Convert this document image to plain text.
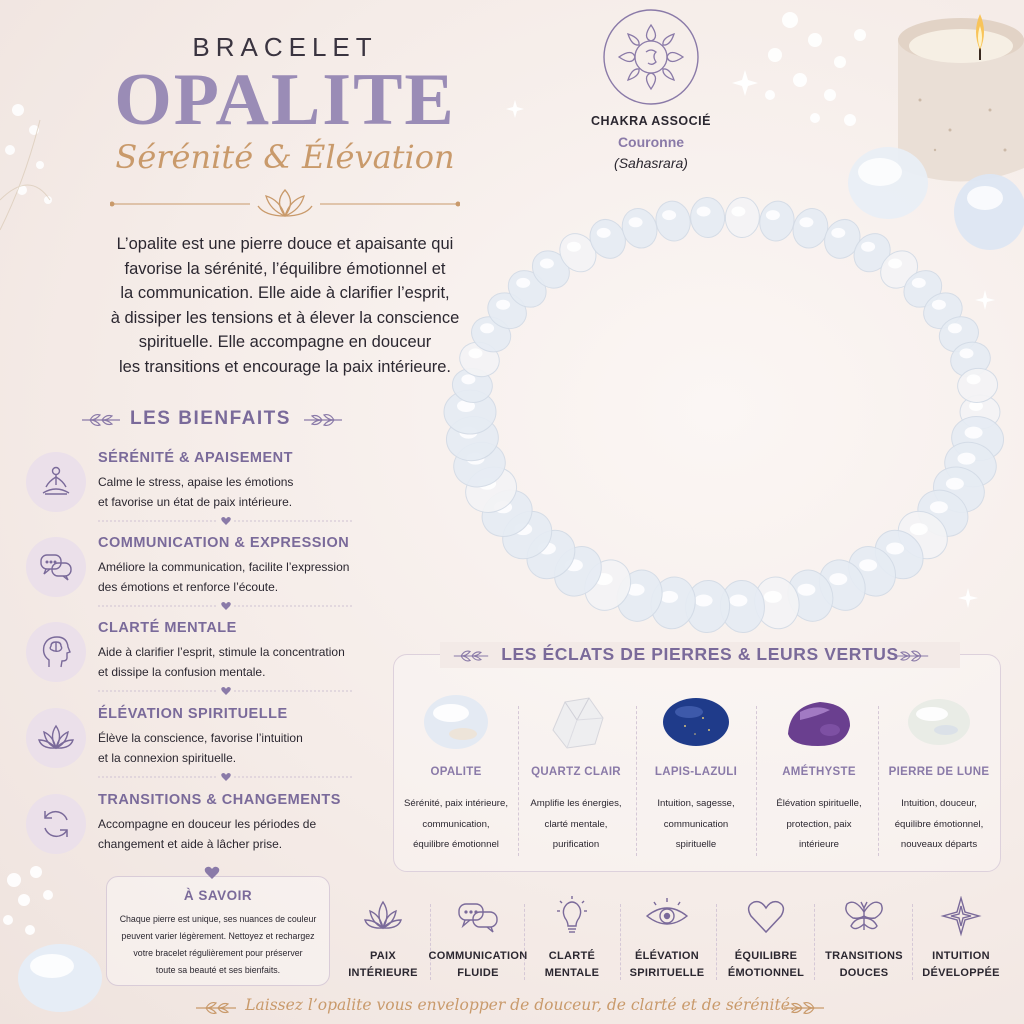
BRACELET
OPALITE
Sérénité & Élévation
L’opalite est une pierre douce et apaisante qui
favorise la sérénité, l’équilibre émotionnel et
la communication. Elle aide à clarifier l’esprit,
à dissiper les tensions et à élever la conscience
spirituelle. Elle accompagne en douceur
les transitions et encourage la paix intérieure.
CHAKRA ASSOCIÉ
Couronne
(Sahasrara)
LES BIENFAITS
SÉRÉNITÉ & APAISEMENT
Calme le stress, apaise les émotions
et favorise un état de paix intérieure.
COMMUNICATION & EXPRESSION
Améliore la communication, facilite l’expression
des émotions et renforce l’écoute.
CLARTÉ MENTALE
Aide à clarifier l’esprit, stimule la concentration
et dissipe la confusion mentale.
ÉLÉVATION SPIRITUELLE
Élève la conscience, favorise l’intuition
et la connexion spirituelle.
TRANSITIONS & CHANGEMENTS
Accompagne en douceur les périodes de
changement et aide à lâcher prise.
À SAVOIR
Chaque pierre est unique, ses nuances de couleur
peuvent varier légèrement. Nettoyez et rechargez
votre bracelet régulièrement pour préserver
toute sa beauté et ses bienfaits.
LES ÉCLATS DE PIERRES & LEURS VERTUS
OPALITE
Sérénité, paix intérieure,
communication,
équilibre émotionnel
QUARTZ CLAIR
Amplifie les énergies,
clarté mentale,
purification
LAPIS-LAZULI
Intuition, sagesse,
communication
spirituelle
AMÉTHYSTE
Élévation spirituelle,
protection, paix
intérieure
PIERRE DE LUNE
Intuition, douceur,
équilibre émotionnel,
nouveaux départs
PAIX
INTÉRIEURE
COMMUNICATION
FLUIDE
CLARTÉ
MENTALE
ÉLÉVATION
SPIRITUELLE
ÉQUILIBRE
ÉMOTIONNEL
TRANSITIONS
DOUCES
INTUITION
DÉVELOPPÉE
Laissez l’opalite vous envelopper de douceur, de clarté et de sérénité.
